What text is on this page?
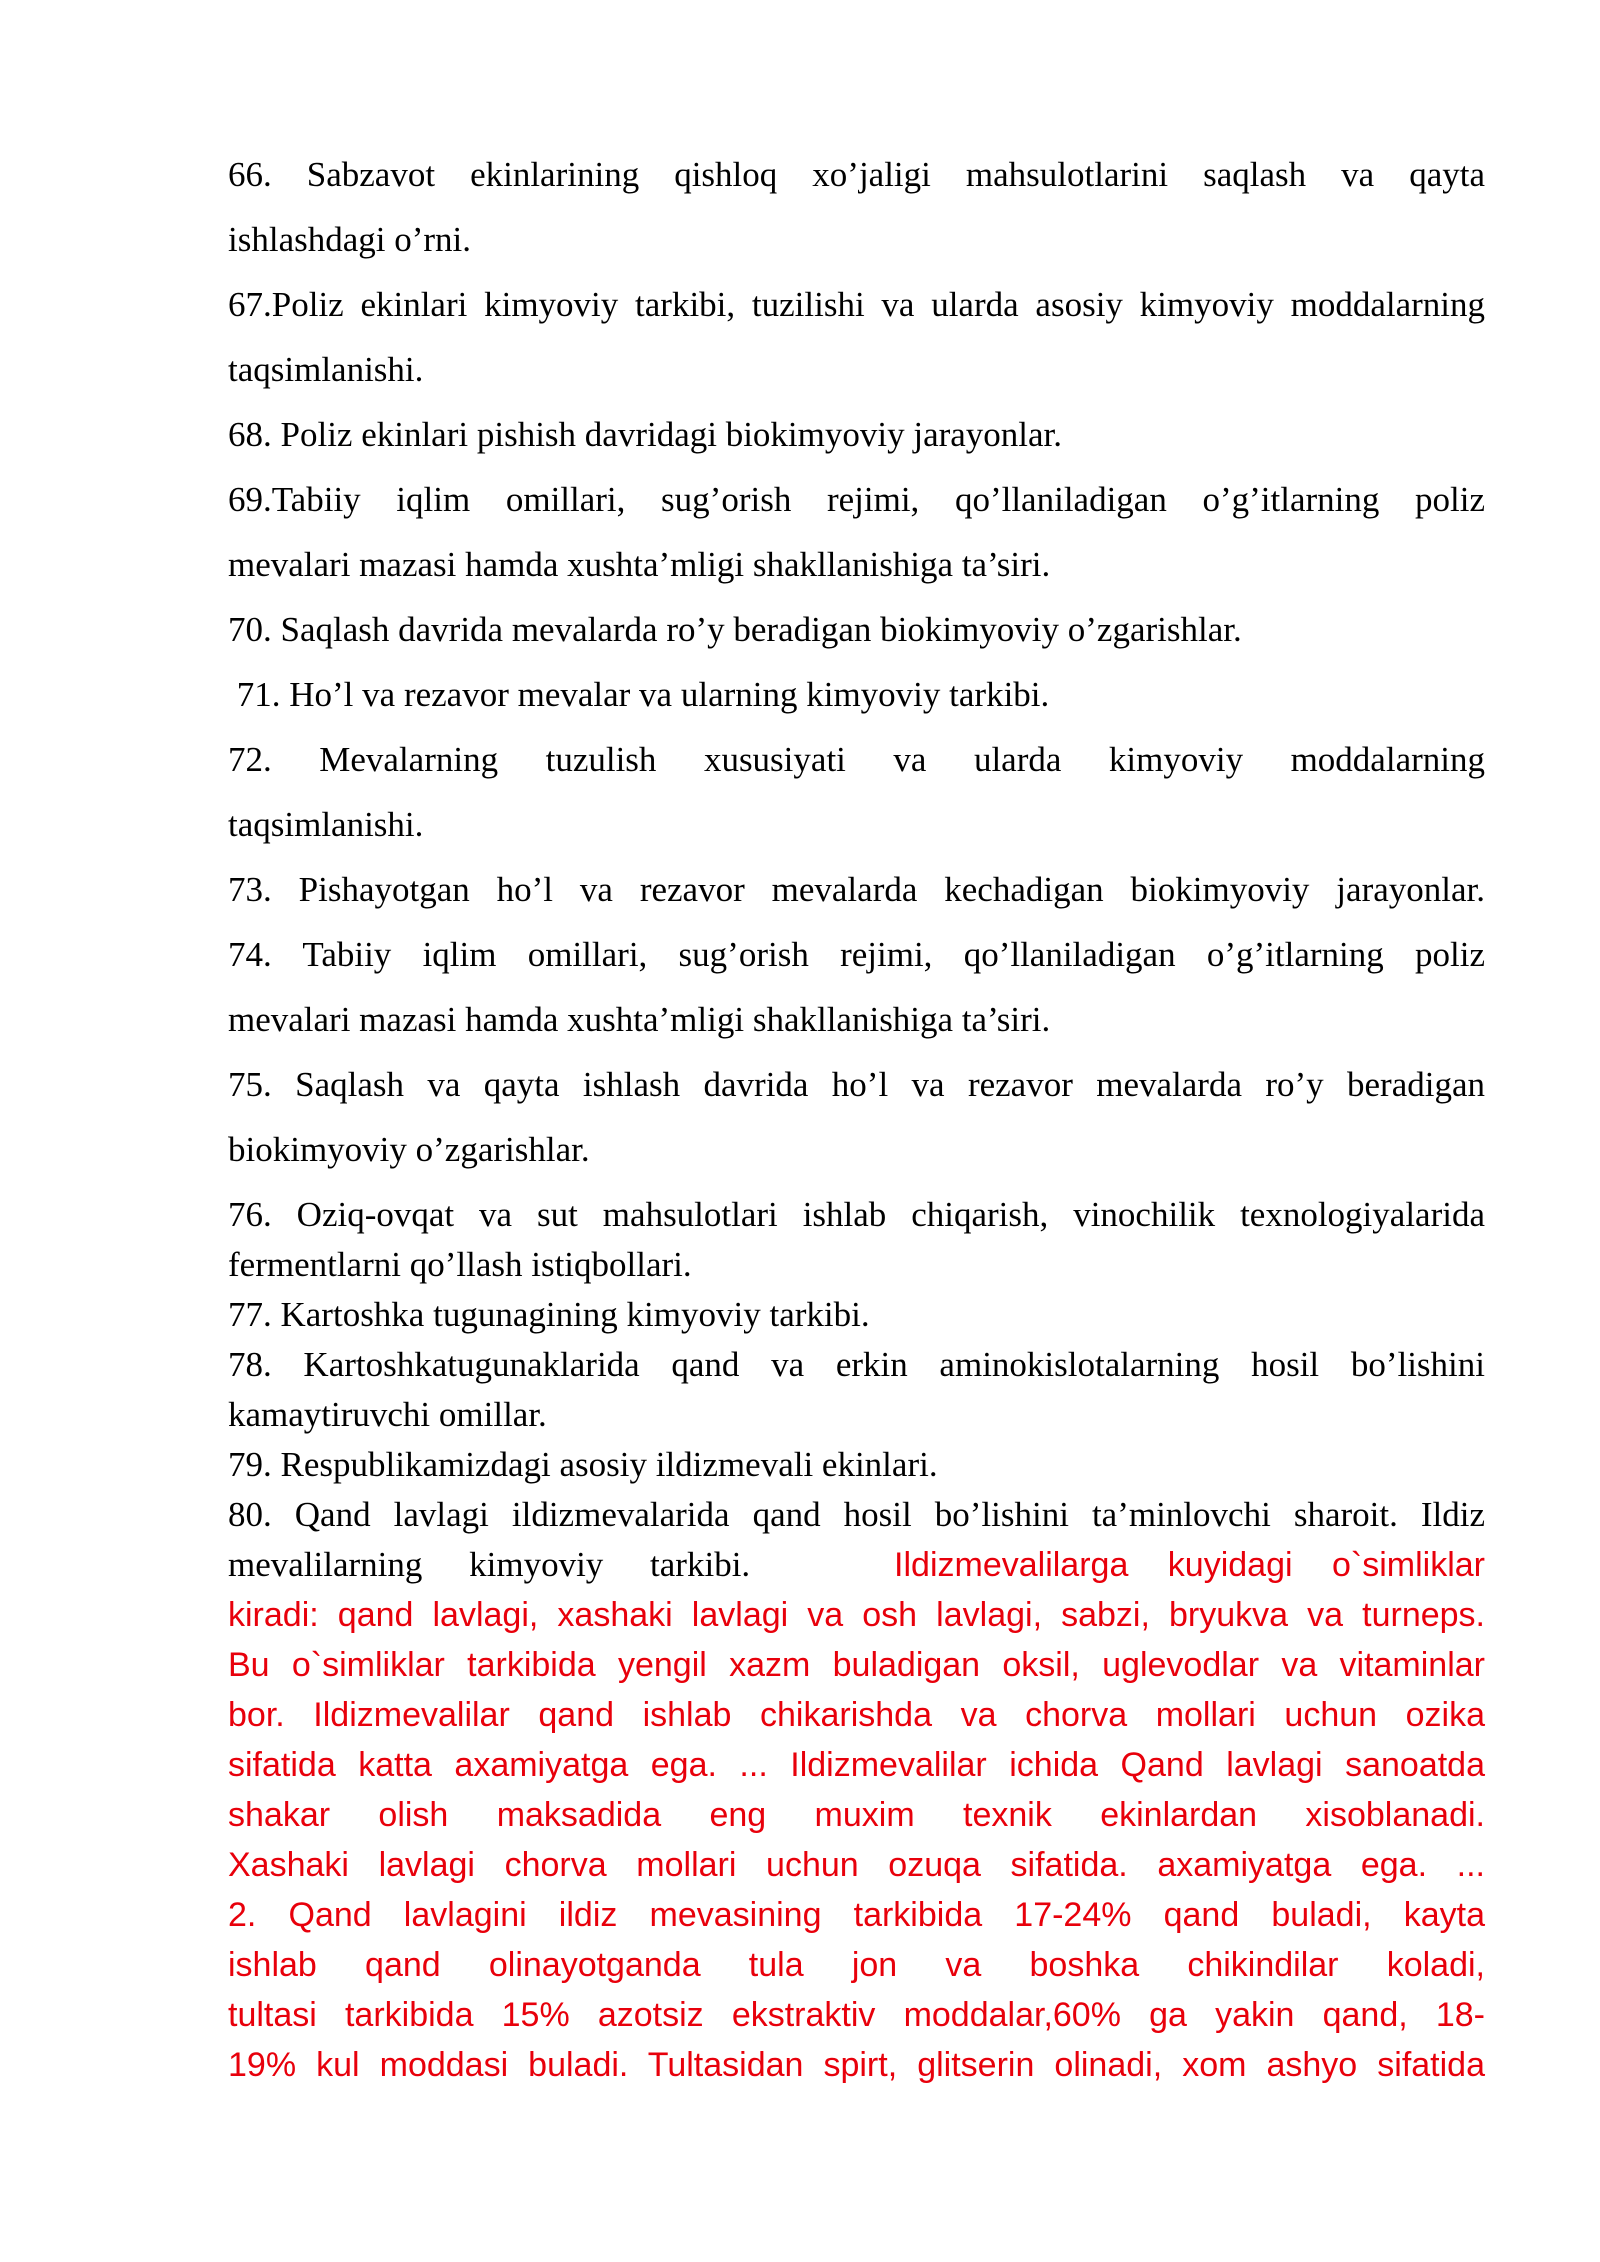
66. Sabzavot ekinlarining qishloq xo’jaligi mahsulotlarini saqlash va qayta
ishlashdagi o’rni.

67.Poliz ekinlari kimyoviy tarkibi, tuzilishi va ularda asosiy kimyoviy moddalarning
taqsimlanishi.

68. Poliz ekinlari pishish davridagi biokimyoviy jarayonlar.

69.Tabiiy iqlim omillari, sug’orish rejimi, qo’llaniladigan o’g’itlarning poliz
mevalari mazasi hamda xushta’mligi shakllanishiga ta’siri.

70. Saqlash davrida mevalarda ro’y beradigan biokimyoviy o’zgarishlar.

71. Ho’l va rezavor mevalar va ularning kimyoviy tarkibi.

72. Mevalarning tuzulish xususiyati va ularda kimyoviy moddalarning
taqsimlanishi.

73. Pishayotgan ho’l va rezavor mevalarda kechadigan biokimyoviy jarayonlar.

74. Tabiiy iqlim omillari, sug’orish rejimi, qo’llaniladigan o’g’itlarning poliz
mevalari mazasi hamda xushta’mligi shakllanishiga ta’siri.

75. Saqlash va qayta ishlash davrida ho’l va rezavor mevalarda ro’y beradigan
biokimyoviy o’zgarishlar.

76. Oziq-ovqat va sut mahsulotlari ishlab chiqarish, vinochilik texnologiyalarida
fermentlarni qo’llash istiqbollari.

77. Kartoshka tugunagining kimyoviy tarkibi.

78. Kartoshkatugunaklarida qand va erkin aminokislotalarning hosil bo’lishini
kamaytiruvchi omillar.

79. Respublikamizdagi asosiy ildizmevali ekinlari.

80. Qand lavlagi ildizmevalarida qand hosil bo’lishini ta’minlovchi sharoit. Ildiz
mevalilarning kimyoviy tarkibi.	Ildizmevalilarga kuyidagi o`simliklar
kiradi: qand lavlagi, xashaki lavlagi va osh lavlagi, sabzi, bryukva va turneps.
Bu o`simliklar tarkibida yengil xazm buladigan oksil, uglevodlar va vitaminlar
bor. Ildizmevalilar qand ishlab chikarishda va chorva mollari uchun ozika
sifatida katta axamiyatga ega. ... Ildizmevalilar ichida Qand lavlagi sanoatda
shakar olish maksadida eng muxim texnik ekinlardan xisoblanadi.
Xashaki lavlagi chorva mollari uchun ozuqa sifatida. axamiyatga ega. ...
2. Qand lavlagini ildiz mevasining tarkibida 17-24% qand buladi, kayta
ishlab qand olinayotganda tula jon va boshka chikindilar koladi,
tultasi tarkibida 15% azotsiz ekstraktiv moddalar,60% ga yakin qand, 18-
19% kul moddasi buladi. Tultasidan spirt, glitserin olinadi, xom ashyo sifatida
